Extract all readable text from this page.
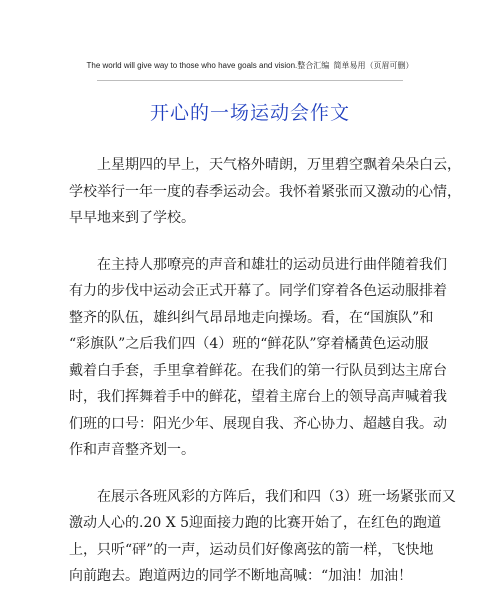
The world will give way to those who have goals and vision.整合汇编 简单易用（页眉可删）
开心的一场运动会作文

上星期四的早上，天气格外晴朗，万里碧空飘着朵朵白云，
学校举行一年一度的春季运动会。我怀着紧张而又激动的心情，
早早地来到了学校。

在主持人那嘹亮的声音和雄壮的运动员进行曲伴随着我们
有力的步伐中运动会正式开幕了。同学们穿着各色运动服排着
整齐的队伍，雄纠纠气昂昂地走向操场。看，在“国旗队”和
“彩旗队”之后我们四（4）班的“鲜花队”穿着橘黄色运动服
戴着白手套，手里拿着鲜花。在我们的第一行队员到达主席台
时，我们挥舞着手中的鲜花，望着主席台上的领导高声喊着我
们班的口号：阳光少年、展现自我、齐心协力、超越自我。动
作和声音整齐划一。

在展示各班风彩的方阵后，我们和四（3）班一场紧张而又
激动人心的.20 X 5迎面接力跑的比赛开始了，在红色的跑道
上，只听“砰”的一声，运动员们好像离弦的箭一样，飞快地
向前跑去。跑道两边的同学不断地高喊：“加油！加油！
